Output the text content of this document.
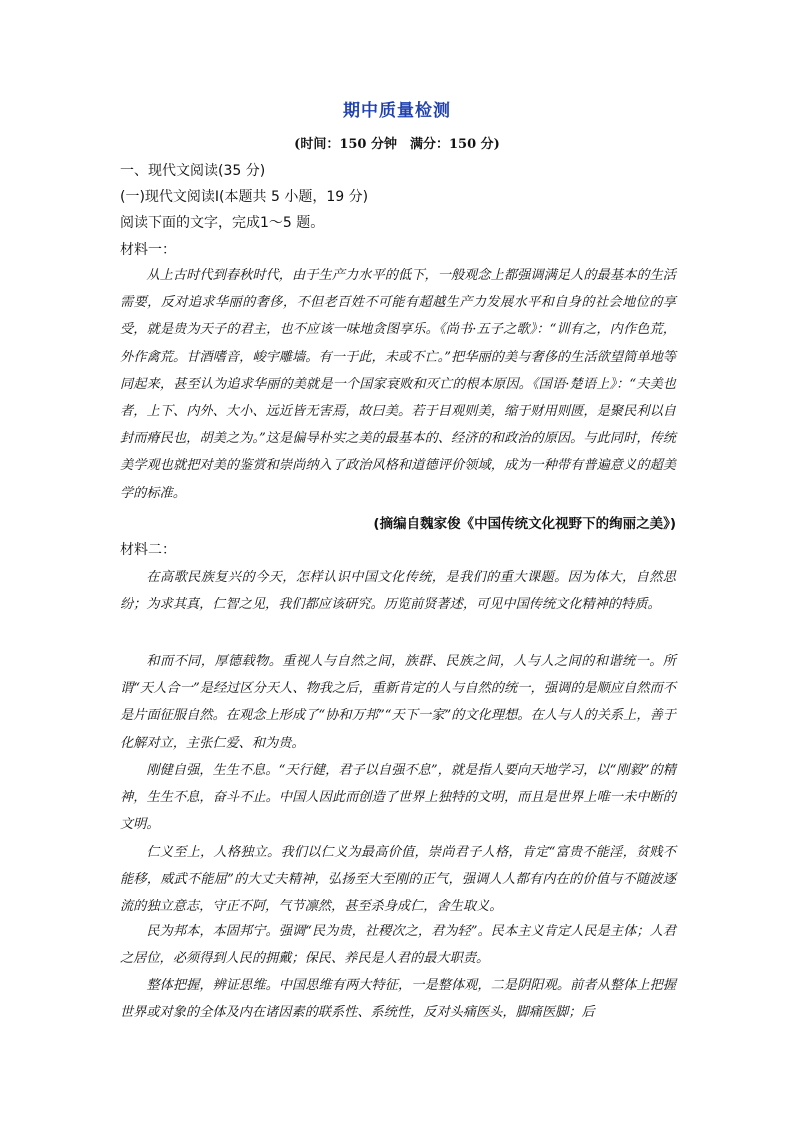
期中质量检测
(时间：150 分钟　满分：150 分)
一、现代文阅读(35 分)
(一)现代文阅读Ⅰ(本题共 5 小题，19 分)
阅读下面的文字，完成1～5 题。
材料一：

从上古时代到春秋时代，由于生产力水平的低下，一般观念上都强调满足人的最基本的生活需要，反对追求华丽的奢侈，不但老百姓不可能有超越生产力发展水平和自身的社会地位的享受，就是贵为天子的君主，也不应该一味地贪图享乐。《尚书·五子之歌》：“训有之，内作色荒，外作禽荒。甘酒嗜音，峻宇雕墙。有一于此，未或不亡。”把华丽的美与奢侈的生活欲望简单地等同起来，甚至认为追求华丽的美就是一个国家衰败和灭亡的根本原因。《国语·楚语上》：“夫美也者，上下、内外、大小、远近皆无害焉，故曰美。若于目观则美，缩于财用则匮，是聚民利以自封而瘠民也，胡美之为。”这是偏导朴实之美的最基本的、经济的和政治的原因。与此同时，传统美学观也就把对美的鉴赏和崇尚纳入了政治风格和道德评价领域，成为一种带有普遍意义的超美学的标准。

(摘编自魏家俊《中国传统文化视野下的绚丽之美》)
材料二：

在高歌民族复兴的今天，怎样认识中国文化传统，是我们的重大课题。因为体大，自然思纷；为求其真，仁智之见，我们都应该研究。历览前贤著述，可见中国传统文化精神的特质。

和而不同，厚德载物。重视人与自然之间，族群、民族之间，人与人之间的和谐统一。所谓“天人合一”是经过区分天人、物我之后，重新肯定的人与自然的统一，强调的是顺应自然而不是片面征服自然。在观念上形成了“协和万邦”“天下一家”的文化理想。在人与人的关系上，善于化解对立，主张仁爱、和为贵。

刚健自强，生生不息。“天行健，君子以自强不息”，就是指人要向天地学习，以“刚毅”的精神，生生不息，奋斗不止。中国人因此而创造了世界上独特的文明，而且是世界上唯一未中断的文明。

仁义至上，人格独立。我们以仁义为最高价值，崇尚君子人格，肯定“富贵不能淫，贫贱不能移，威武不能屈”的大丈夫精神，弘扬至大至刚的正气，强调人人都有内在的价值与不随波逐流的独立意志，守正不阿，气节凛然，甚至杀身成仁，舍生取义。

民为邦本，本固邦宁。强调“民为贵，社稷次之，君为轻”。民本主义肯定人民是主体；人君之居位，必须得到人民的拥戴；保民、养民是人君的最大职责。

整体把握，辨证思维。中国思维有两大特征，一是整体观，二是阴阳观。前者从整体上把握世界或对象的全体及内在诸因素的联系性、系统性，反对头痛医头，脚痛医脚；后
